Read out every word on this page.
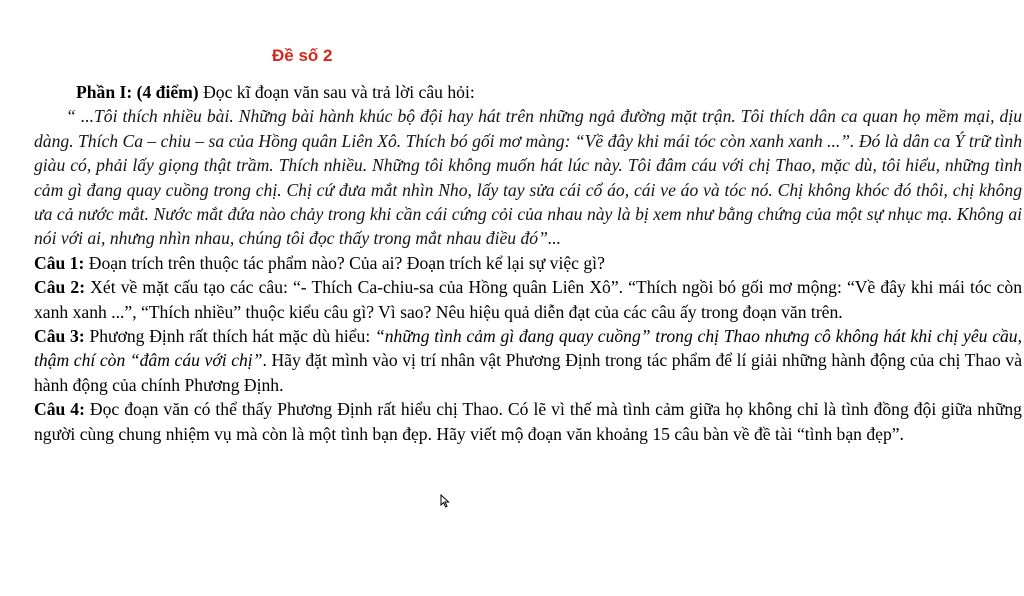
Đề số 2
Phần I: (4 điểm) Đọc kĩ đoạn văn sau và trả lời câu hỏi:

“ ...Tôi thích nhiều bài. Những bài hành khúc bộ đội hay hát trên những ngả đường mặt trận. Tôi thích dân ca quan họ mềm mại, dịu dàng. Thích Ca – chiu – sa của Hồng quân Liên Xô. Thích bó gối mơ màng: “Về đây khi mái tóc còn xanh xanh ...”. Đó là dân ca Ý trữ tình giàu có, phải lấy giọng thật trầm. Thích nhiều. Những tôi không muốn hát lúc này. Tôi đâm cáu với chị Thao, mặc dù, tôi hiểu, những tình cảm gì đang quay cuồng trong chị. Chị cứ đưa mắt nhìn Nho, lấy tay sửa cái cổ áo, cái ve áo và tóc nó. Chị không khóc đó thôi, chị không ưa cả nước mắt. Nước mắt đứa nào chảy trong khi cần cái cứng cỏi của nhau này là bị xem như bằng chứng của một sự nhục mạ. Không ai nói với ai, nhưng nhìn nhau, chúng tôi đọc thấy trong mắt nhau điều đó”...

Câu 1: Đoạn trích trên thuộc tác phẩm nào? Của ai? Đoạn trích kể lại sự việc gì?

Câu 2: Xét về mặt cấu tạo các câu: “- Thích Ca-chiu-sa của Hồng quân Liên Xô”. “Thích ngồi bó gối mơ mộng: “Về đây khi mái tóc còn xanh xanh ...”, “Thích nhiều” thuộc kiểu câu gì? Vì sao? Nêu hiệu quả diễn đạt của các câu ấy trong đoạn văn trên.

Câu 3: Phương Định rất thích hát mặc dù hiểu: “những tình cảm gì đang quay cuồng” trong chị Thao nhưng cô không hát khi chị yêu cầu, thậm chí còn “đâm cáu với chị”. Hãy đặt mình vào vị trí nhân vật Phương Định trong tác phẩm để lí giải những hành động của chị Thao và hành động của chính Phương Định.

Câu 4: Đọc đoạn văn có thể thấy Phương Định rất hiểu chị Thao. Có lẽ vì thế mà tình cảm giữa họ không chỉ là tình đồng đội giữa những người cùng chung nhiệm vụ mà còn là một tình bạn đẹp. Hãy viết mộ đoạn văn khoảng 15 câu bàn về đề tài “tình bạn đẹp”.
